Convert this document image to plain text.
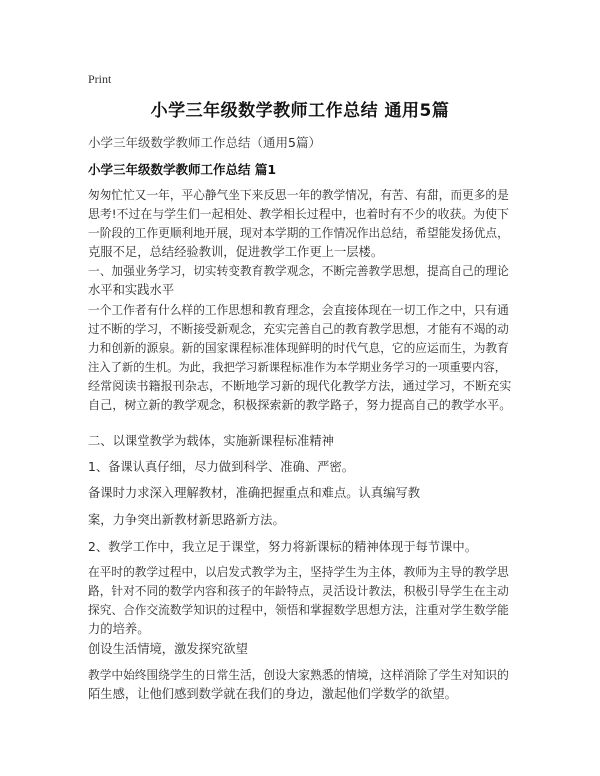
Print
小学三年级数学教师工作总结 通用5篇
小学三年级数学教师工作总结（通用5篇）
小学三年级数学教师工作总结 篇1

匆匆忙忙又一年，平心静气坐下来反思一年的教学情况，有苦、有甜，而更多的是
思考!不过在与学生们一起相处、教学相长过程中，也着时有不少的收获。为使下
一阶段的工作更顺利地开展，现对本学期的工作情况作出总结，希望能发扬优点，
克服不足，总结经验教训，促进教学工作更上一层楼。

一、加强业务学习，切实转变教育教学观念，不断完善教学思想，提高自己的理论
水平和实践水平

一个工作者有什么样的工作思想和教育理念，会直接体现在一切工作之中，只有通
过不断的学习，不断接受新观念，充实完善自己的教育教学思想，才能有不竭的动
力和创新的源泉。新的国家课程标准体现鲜明的时代气息，它的应运而生，为教育
注入了新的生机。为此，我把学习新课程标准作为本学期业务学习的一项重要内容，
经常阅读书籍报刊杂志，不断地学习新的现代化教学方法，通过学习，不断充实
自己，树立新的教学观念，积极探索新的教学路子，努力提高自己的教学水平。

二、以课堂教学为载体，实施新课程标准精神

1、备课认真仔细，尽力做到科学、准确、严密。

备课时力求深入理解教材，准确把握重点和难点。认真编写教

案，力争突出新教材新思路新方法。

2、教学工作中，我立足于课堂，努力将新课标的精神体现于每节课中。

在平时的教学过程中，以启发式教学为主，坚持学生为主体，教师为主导的教学思
路，针对不同的数学内容和孩子的年龄特点，灵活设计教法，积极引导学生在主动
探究、合作交流数学知识的过程中，领悟和掌握数学思想方法，注重对学生数学能
力的培养。

创设生活情境，激发探究欲望

教学中始终围绕学生的日常生活，创设大家熟悉的情境，这样消除了学生对知识的
陌生感，让他们感到数学就在我们的身边，激起他们学数学的欲望。
